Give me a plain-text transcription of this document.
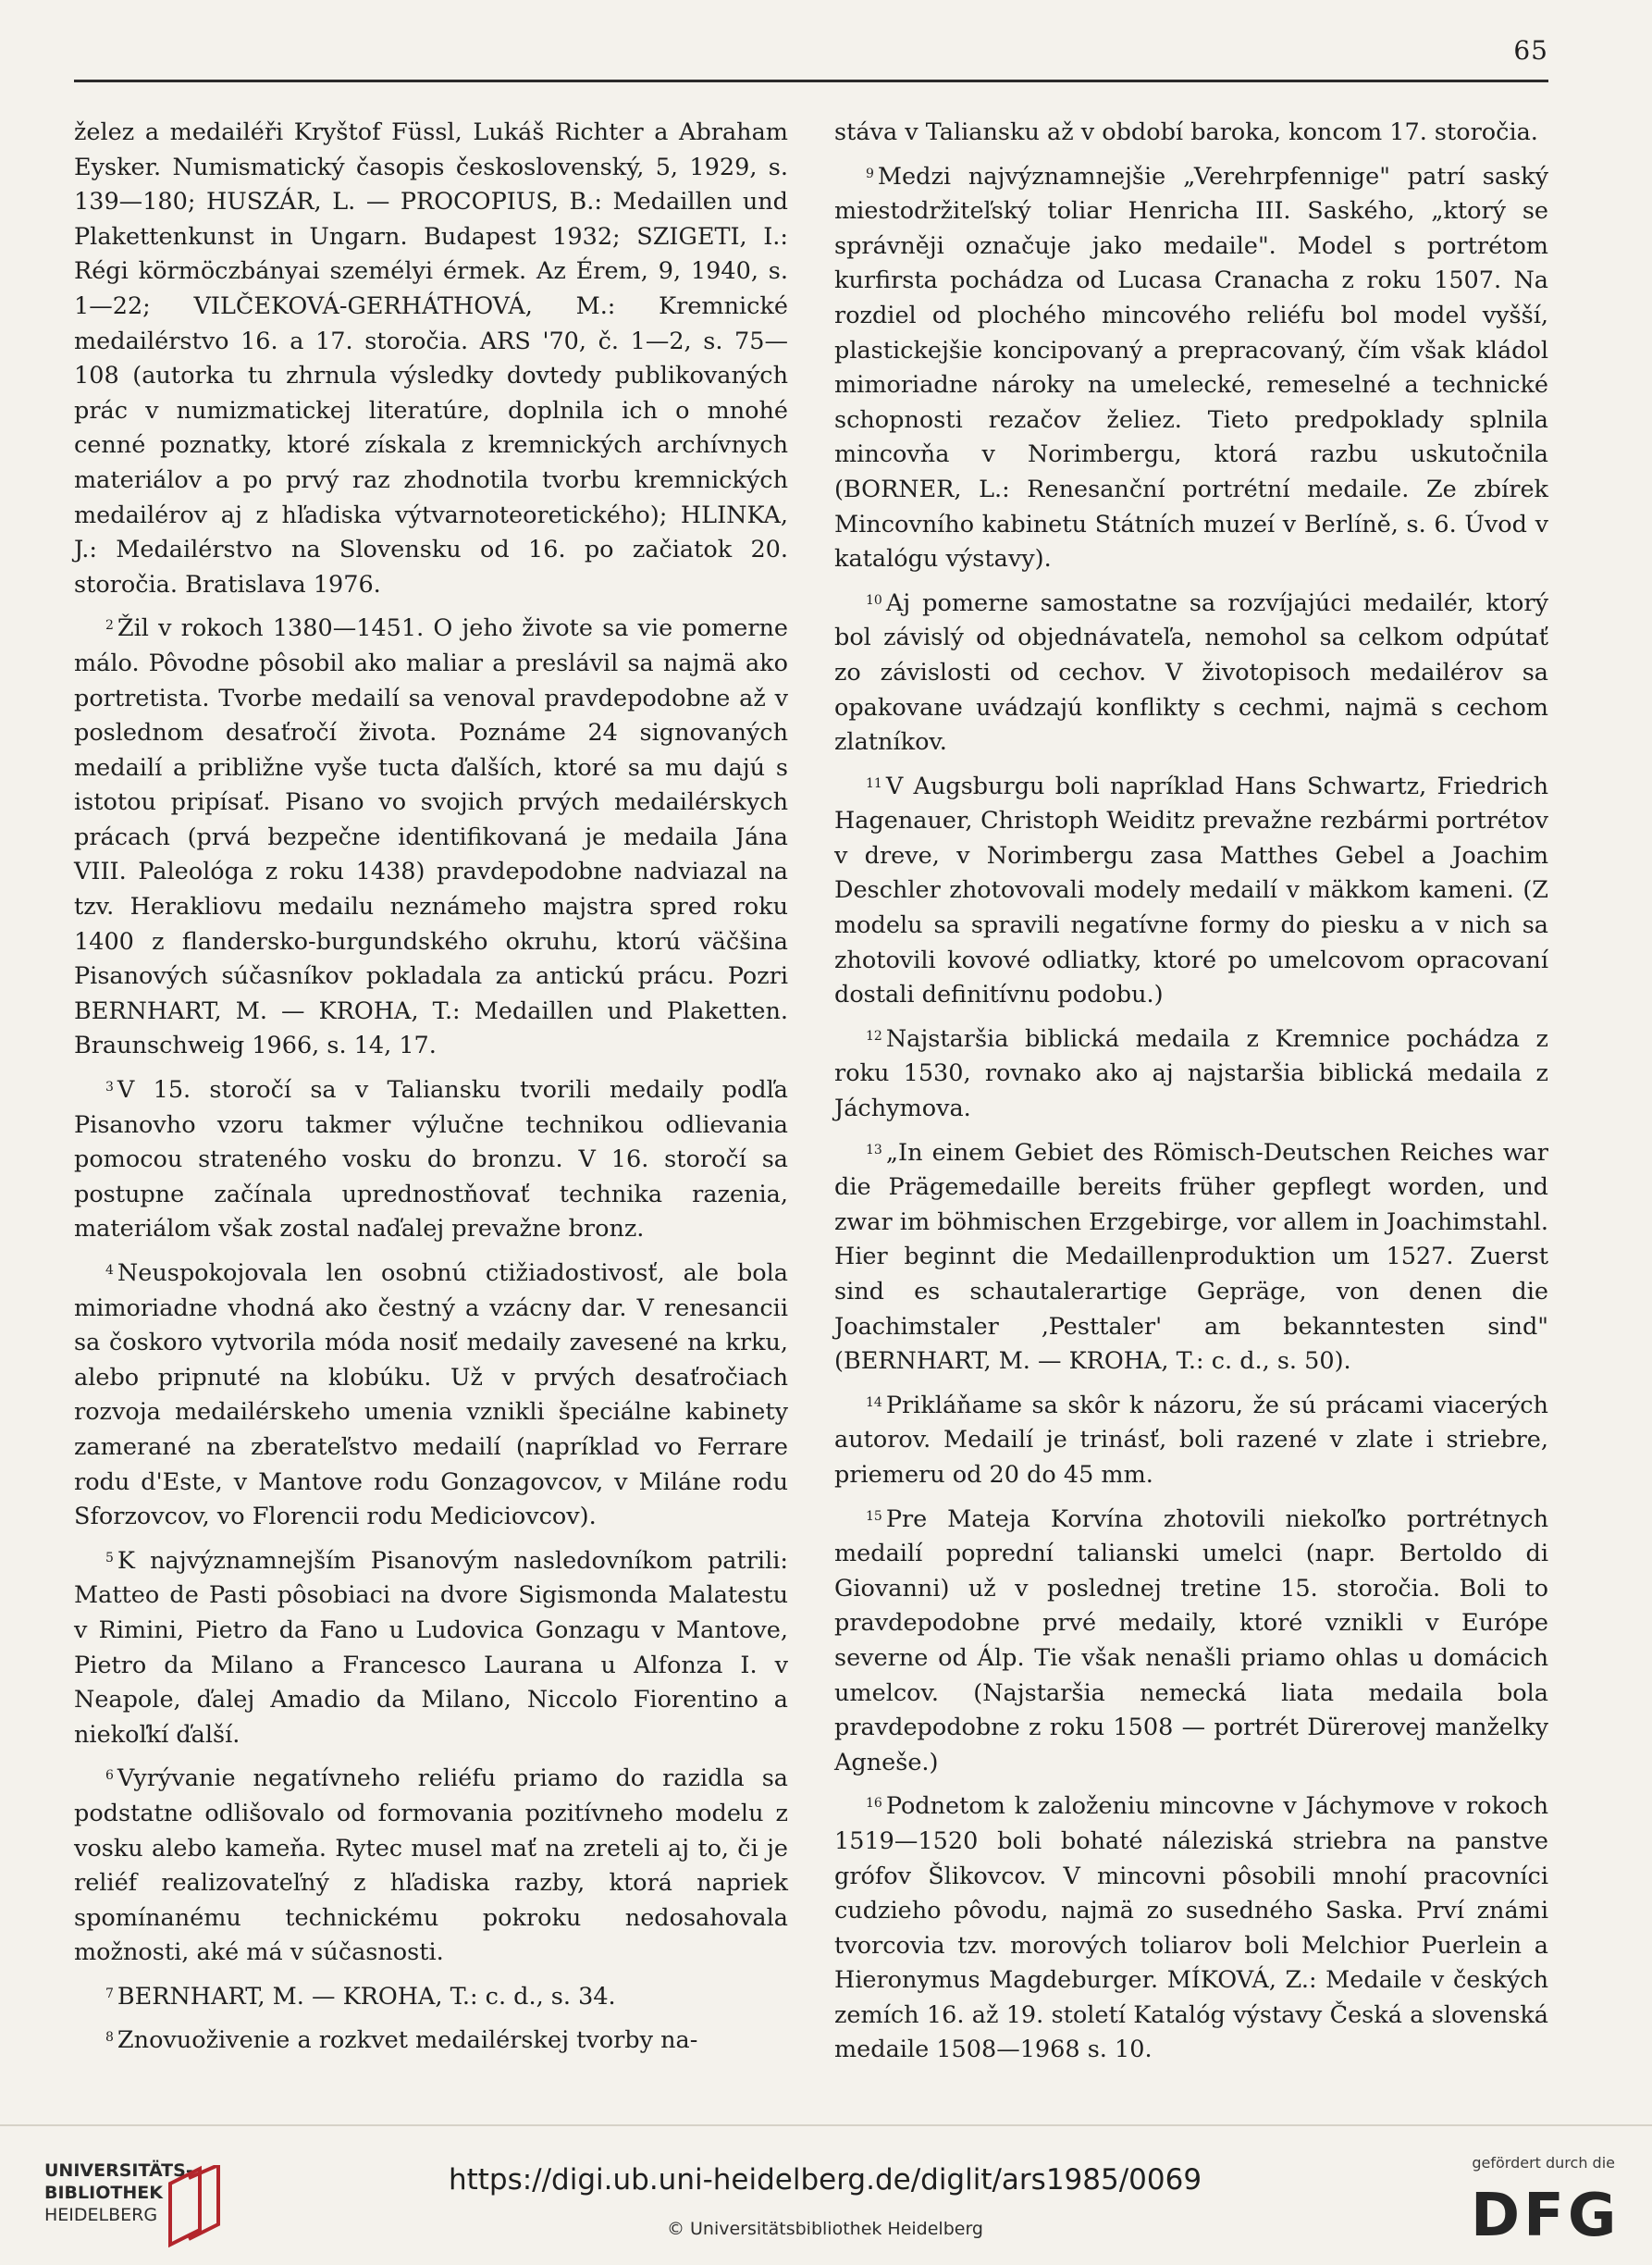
65

želez a medailéři Kryštof Füssl, Lukáš Richter a Abraham Eysker. Numismatický časopis československý, 5, 1929, s. 139—180; HUSZÁR, L. — PROCOPIUS, B.: Medaillen und Plakettenkunst in Ungarn. Budapest 1932; SZIGETI, I.: Régi körmöczbányai személyi érmek. Az Érem, 9, 1940, s. 1—22; VILČEKOVÁ-GERHÁTHOVÁ, M.: Kremnické medailérstvo 16. a 17. storočia. ARS '70, č. 1—2, s. 75—108 (autorka tu zhrnula výsledky dovtedy publikovaných prác v numizmatickej literatúre, doplnila ich o mnohé cenné poznatky, ktoré získala z kremnických archívnych materiálov a po prvý raz zhodnotila tvorbu kremnických medailérov aj z hľadiska výtvarnoteoretického); HLINKA, J.: Medailérstvo na Slovensku od 16. po začiatok 20. storočia. Bratislava 1976.

$^2$ Žil v rokoch 1380—1451. O jeho živote sa vie pomerne málo. Pôvodne pôsobil ako maliar a preslávil sa najmä ako portretista. Tvorbe medailí sa venoval pravdepodobne až v poslednom desaťročí života. Poznáme 24 signovaných medailí a približne vyše tucta ďalších, ktoré sa mu dajú s istotou pripísať. Pisano vo svojich prvých medailérskych prácach (prvá bezpečne identifikovaná je medaila Jána VIII. Paleológa z roku 1438) pravdepodobne nadviazal na tzv. Herakliovu medailu neznámeho majstra spred roku 1400 z flandersko-burgundského okruhu, ktorú väčšina Pisanových súčasníkov pokladala za antickú prácu. Pozri BERNHART, M. — KROHA, T.: Medaillen und Plaketten. Braunschweig 1966, s. 14, 17.

$^3$ V 15. storočí sa v Taliansku tvorili medaily podľa Pisanovho vzoru takmer výlučne technikou odlievania pomocou strateného vosku do bronzu. V 16. storočí sa postupne začínala uprednostňovať technika razenia, materiálom však zostal naďalej prevažne bronz.

$^4$ Neuspokojovala len osobnú ctižiadostivosť, ale bola mimoriadne vhodná ako čestný a vzácny dar. V renesancii sa čoskoro vytvorila móda nosiť medaily zavesené na krku, alebo pripnuté na klobúku. Už v prvých desaťročiach rozvoja medailérskeho umenia vznikli špeciálne kabinety zamerané na zberateľstvo medailí (napríklad vo Ferrare rodu d'Este, v Mantove rodu Gonzagovcov, v Miláne rodu Sforzovcov, vo Florencii rodu Mediciovcov).

$^5$ K najvýznamnejším Pisanovým nasledovníkom patrili: Matteo de Pasti pôsobiaci na dvore Sigismonda Malatestu v Rimini, Pietro da Fano u Ludovica Gonzagu v Mantove, Pietro da Milano a Francesco Laurana u Alfonza I. v Neapole, ďalej Amadio da Milano, Niccolo Fiorentino a niekoľkí ďalší.

$^6$ Vyrývanie negatívneho reliéfu priamo do razidla sa podstatne odlišovalo od formovania pozitívneho modelu z vosku alebo kameňa. Rytec musel mať na zreteli aj to, či je reliéf realizovateľný z hľadiska razby, ktorá napriek spomínanému technickému pokroku nedosahovala možnosti, aké má v súčasnosti.

$^7$ BERNHART, M. — KROHA, T.: c. d., s. 34.

$^8$ Znovuoživenie a rozkvet medailérskej tvorby na-

stáva v Taliansku až v období baroka, koncom 17. storočia.

$^9$ Medzi najvýznamnejšie „Verehrpfennige" patrí saský miestodržiteľský toliar Henricha III. Saského, „ktorý se správněji označuje jako medaile". Model s portrétom kurfirsta pochádza od Lucasa Cranacha z roku 1507. Na rozdiel od plochého mincového reliéfu bol model vyšší, plastickejšie koncipovaný a prepracovaný, čím však kládol mimoriadne nároky na umelecké, remeselné a technické schopnosti rezačov želiez. Tieto predpoklady splnila mincovňa v Norimbergu, ktorá razbu uskutočnila (BORNER, L.: Renesanční portrétní medaile. Ze zbírek Mincovního kabinetu Státních muzeí v Berlíně, s. 6. Úvod v katalógu výstavy).

$^{10}$ Aj pomerne samostatne sa rozvíjajúci medailér, ktorý bol závislý od objednávateľa, nemohol sa celkom odpútať zo závislosti od cechov. V životopisoch medailérov sa opakovane uvádzajú konflikty s cechmi, najmä s cechom zlatníkov.

$^{11}$ V Augsburgu boli napríklad Hans Schwartz, Friedrich Hagenauer, Christoph Weiditz prevažne rezbármi portrétov v dreve, v Norimbergu zasa Matthes Gebel a Joachim Deschler zhotovovali modely medailí v mäkkom kameni. (Z modelu sa spravili negatívne formy do piesku a v nich sa zhotovili kovové odliatky, ktoré po umelcovom opracovaní dostali definitívnu podobu.)

$^{12}$ Najstaršia biblická medaila z Kremnice pochádza z roku 1530, rovnako ako aj najstaršia biblická medaila z Jáchymova.

$^{13}$ „In einem Gebiet des Römisch-Deutschen Reiches war die Prägemedaille bereits früher gepflegt worden, und zwar im böhmischen Erzgebirge, vor allem in Joachimstahl. Hier beginnt die Medaillenproduktion um 1527. Zuerst sind es schautalerartige Gepräge, von denen die Joachimstaler ‚Pesttaler' am bekanntesten sind" (BERNHART, M. — KROHA, T.: c. d., s. 50).

$^{14}$ Prikláňame sa skôr k názoru, že sú prácami viacerých autorov. Medailí je trinásť, boli razené v zlate i striebre, priemeru od 20 do 45 mm.

$^{15}$ Pre Mateja Korvína zhotovili niekoľko portrétnych medailí poprední talianski umelci (napr. Bertoldo di Giovanni) už v poslednej tretine 15. storočia. Boli to pravdepodobne prvé medaily, ktoré vznikli v Európe severne od Álp. Tie však nenašli priamo ohlas u domácich umelcov. (Najstaršia nemecká liata medaila bola pravdepodobne z roku 1508 — portrét Dürerovej manželky Agneše.)

$^{16}$ Podnetom k založeniu mincovne v Jáchymove v rokoch 1519—1520 boli bohaté náleziská striebra na panstve grófov Šlikovcov. V mincovni pôsobili mnohí pracovníci cudzieho pôvodu, najmä zo susedného Saska. Prví známi tvorcovia tzv. morových toliarov boli Melchior Puerlein a Hieronymus Magdeburger. MÍKOVÁ, Z.: Medaile v českých zemích 16. až 19. století Katalóg výstavy Česká a slovenská medaile 1508—1968 s. 10.

UNIVERSITÄTS-
BIBLIOTHEK
HEIDELBERG
https://digi.ub.uni-heidelberg.de/diglit/ars1985/0069
© Universitätsbibliothek Heidelberg
gefördert durch die
DFG
